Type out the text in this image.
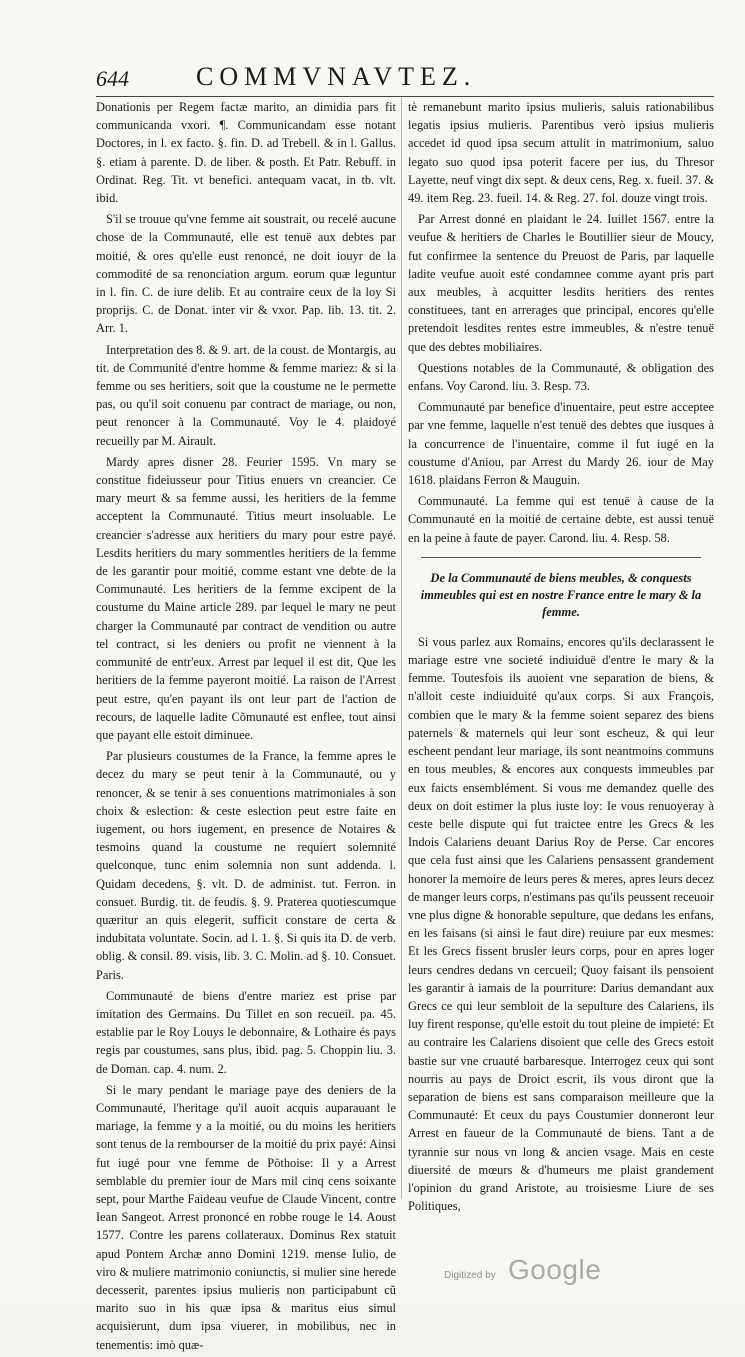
644	COMMVNAVTEZ.

Donationis per Regem factæ marito, an dimidia pars fit communicanda vxori. ¶. Communicandam esse notant Doctores, in l. ex facto. §. fin. D. ad Trebell. & in l. Gallus. §. etiam à parente. D. de liber. & posth. Et Patr. Rebuff. in Ordinat. Reg. Tit. vt benefici. antequam vacat, in tb. vlt. ibid.

S'il se trouue qu'vne femme ait soustrait, ou recelé aucune chose de la Communauté, elle est tenuë aux debtes par moitié, & ores qu'elle eust renoncé, ne doit iouyr de la commodité de sa renonciation argum. eorum quæ leguntur in l. fin. C. de iure delib. Et au contraire ceux de la loy Si proprijs. C. de Donat. inter vir & vxor. Pap. lib. 13. tit. 2. Arr. 1.

Interpretation des 8. & 9. art. de la coust. de Montargis, au tit. de Communité d'entre homme & femme mariez: & si la femme ou ses heritiers, soit que la coustume ne le permette pas, ou qu'il soit conuenu par contract de mariage, ou non, peut renoncer à la Communauté. Voy le 4. plaidoyé recueilly par M. Airault.

Mardy apres disner 28. Feurier 1595. Vn mary se constitue fideiusseur pour Titius enuers vn creancier. Ce mary meurt & sa femme aussi, les heritiers de la femme acceptent la Communauté. Titius meurt insoluable. Le creancier s'adresse aux heritiers du mary pour estre payé. Lesdits heritiers du mary sommentles heritiers de la femme de les garantir pour moitié, comme estant vne debte de la Communauté. Les heritiers de la femme excipent de la coustume du Maine article 289. par lequel le mary ne peut charger la Communauté par contract de vendition ou autre tel contract, si les deniers ou profit ne viennent à la communité de entr'eux. Arrest par lequel il est dit, Que les heritiers de la femme payeront moitié. La raison de l'Arrest peut estre, qu'en payant ils ont leur part de l'action de recours, de laquelle ladite Cõmunauté est enflee, tout ainsi que payant elle estoit diminuee.

Par plusieurs coustumes de la France, la femme apres le decez du mary se peut tenir à la Communauté, ou y renoncer, & se tenir à ses conuentions matrimoniales à son choix & eslection: & ceste eslection peut estre faite en iugement, ou hors iugement, en presence de Notaires & tesmoins quand la coustume ne requiert solemnité quelconque, tunc enim solemnia non sunt addenda. l. Quidam decedens, §. vlt. D. de administ. tut. Ferron. in consuet. Burdig. tit. de feudis. §. 9. Praterea quotiescumque quæritur an quis elegerit, sufficit constare de certa & indubitata voluntate. Socin. ad l. 1. §. Si quis ita D. de verb. oblig. & consil. 89. visis, lib. 3. C. Molin. ad §. 10. Consuet. Paris.

Communauté de biens d'entre mariez est prise par imitation des Germains. Du Tillet en son recueil. pa. 45. establie par le Roy Louys le debonnaire, & Lothaire és pays regis par coustumes, sans plus, ibid. pag. 5. Choppin liu. 3. de Doman. cap. 4. num. 2.

Si le mary pendant le mariage paye des deniers de la Communauté, l'heritage qu'il auoit acquis auparauant le mariage, la femme y a la moitié, ou du moins les heritiers sont tenus de la rembourser de la moitié du prix payé: Ainsi fut iugé pour vne femme de Pôthoise: Il y a Arrest semblable du premier iour de Mars mil cinq cens soixante sept, pour Marthe Faideau veufue de Claude Vincent, contre Iean Sangeot. Arrest prononcé en robbe rouge le 14. Aoust 1577. Contre les parens collateraux. Dominus Rex statuit apud Pontem Archæ anno Domini 1219. mense Iulio, de viro & muliere matrimonio coniunctis, si mulier sine herede decesserit, parentes ipsius mulieris non participabunt cũ marito suo in his quæ ipsa & maritus eius simul acquisierunt, dum ipsa viuerer, in mobilibus, nec in tenementis: imò quæ-

tè remanebunt marito ipsius mulieris, saluis rationabilibus legatis ipsius mulieris. Parentibus verò ipsius mulieris accedet id quod ipsa secum attulit in matrimonium, saluo legato suo quod ipsa poterit facere per ius, du Thresor Layette, neuf vingt dix sept. & deux cens, Reg. x. fueil. 37. & 49. item Reg. 23. fueil. 14. & Reg. 27. fol. douze vingt trois.

Par Arrest donné en plaidant le 24. Iuillet 1567. entre la veufue & heritiers de Charles le Boutillier sieur de Moucy, fut confirmee la sentence du Preuost de Paris, par laquelle ladite veufue auoit esté condamnee comme ayant pris part aux meubles, à acquitter lesdits heritiers des rentes constituees, tant en arrerages que principal, encores qu'elle pretendoit lesdites rentes estre immeubles, & n'estre tenuë que des debtes mobiliaires.

Questions notables de la Communauté, & obligation des enfans. Voy Carond. liu. 3. Resp. 73.

Communauté par benefice d'inuentaire, peut estre acceptee par vne femme, laquelle n'est tenuë des debtes que iusques à la concurrence de l'inuentaire, comme il fut iugé en la coustume d'Aniou, par Arrest du Mardy 26. iour de May 1618. plaidans Ferron & Mauguin.

Communauté. La femme qui est tenuë à cause de la Communauté en la moitié de certaine debte, est aussi tenuë en la peine à faute de payer. Carond. liu. 4. Resp. 58.

De la Communauté de biens meubles, & conquests immeubles qui est en nostre France entre le mary & la femme.

Si vous parlez aux Romains, encores qu'ils declarassent le mariage estre vne societé indiuiduë d'entre le mary & la femme. Toutesfois ils auoient vne separation de biens, & n'alloit ceste indiuiduité qu'aux corps. Si aux François, combien que le mary & la femme soient separez des biens paternels & maternels qui leur sont escheuz, & qui leur escheent pendant leur mariage, ils sont neantmoins communs en tous meubles, & encores aux conquests immeubles par eux faicts ensemblément. Si vous me demandez quelle des deux on doit estimer la plus iuste loy: Ie vous renuoyeray à ceste belle dispute qui fut traictee entre les Grecs & les Indois Calariens deuant Darius Roy de Perse. Car encores que cela fust ainsi que les Calariens pensassent grandement honorer la memoire de leurs peres & meres, apres leurs decez de manger leurs corps, n'estimans pas qu'ils peussent receuoir vne plus digne & honorable sepulture, que dedans les enfans, en les faisans (si ainsi le faut dire) reuiure par eux mesmes: Et les Grecs fissent brusler leurs corps, pour en apres loger leurs cendres dedans vn cercueil; Quoy faisant ils pensoient les garantir à iamais de la pourriture: Darius demandant aux Grecs ce qui leur sembloit de la sepulture des Calariens, ils luy firent response, qu'elle estoit du tout pleine de impieté: Et au contraire les Calariens disoient que celle des Grecs estoit bastie sur vne cruauté barbaresque. Interrogez ceux qui sont nourris au pays de Droict escrit, ils vous diront que la separation de biens est sans comparaison meilleure que la Communauté: Et ceux du pays Coustumier donneront leur Arrest en faueur de la Communauté de biens. Tant a de tyrannie sur nous vn long & ancien vsage. Mais en ceste diuersité de mœurs & d'humeurs me plaist grandement l'opinion du grand Aristote, au troisiesme Liure de ses Politiques,

Digitized by Google
